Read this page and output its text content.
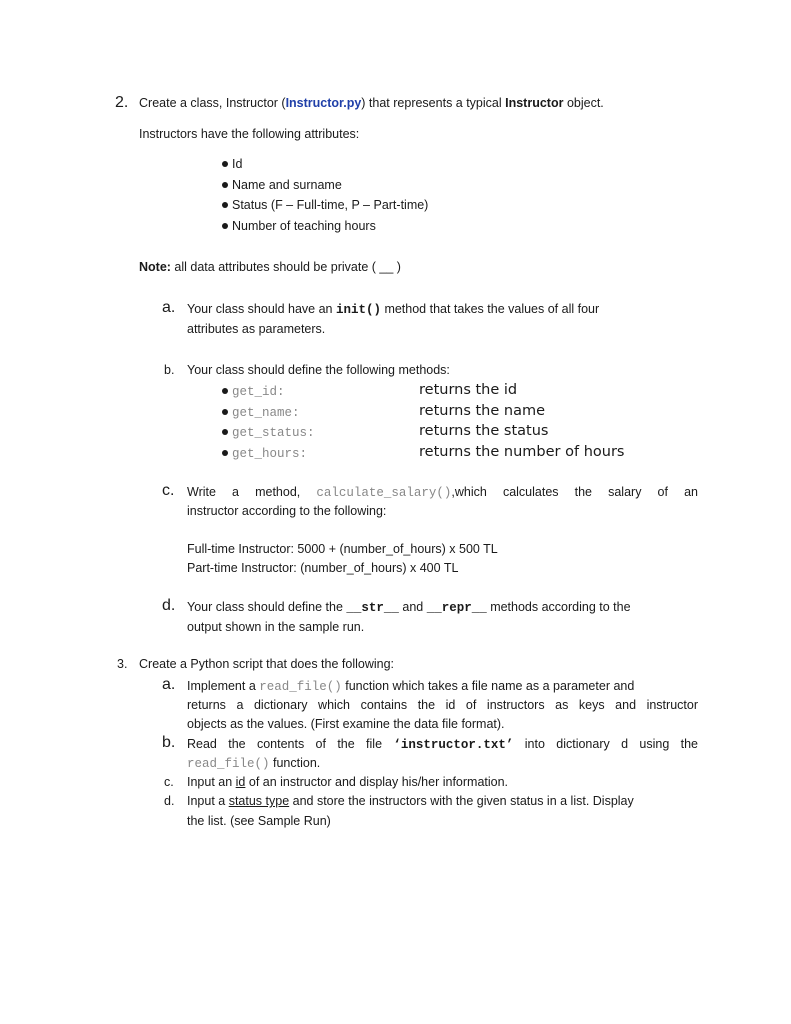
2. Create a class, Instructor (Instructor.py) that represents a typical Instructor object.
Instructors have the following attributes:
Id
Name and surname
Status (F – Full-time, P – Part-time)
Number of teaching hours
Note: all data attributes should be private ( __ )
a. Your class should have an init() method that takes the values of all four
attributes as parameters.
b. Your class should define the following methods:
get_id:	returns the id
get_name:	returns the name
get_status:	returns the status
get_hours:	returns the number of hours
c. Write a method, calculate_salary(),which calculates the salary of an
instructor according to the following:
Full-time Instructor: 5000 + (number_of_hours) x 500 TL
Part-time Instructor: (number_of_hours) x 400 TL
d. Your class should define the __str__ and __repr__ methods according to the
output shown in the sample run.
3. Create a Python script that does the following:
a. Implement a read_file() function which takes a file name as a parameter and
returns a dictionary which contains the id of instructors as keys and instructor
objects as the values. (First examine the data file format).
b. Read the contents of the file ‘instructor.txt’ into dictionary d using the
read_file() function.
c. Input an id of an instructor and display his/her information.
d. Input a status type and store the instructors with the given status in a list. Display
the list. (see Sample Run)
